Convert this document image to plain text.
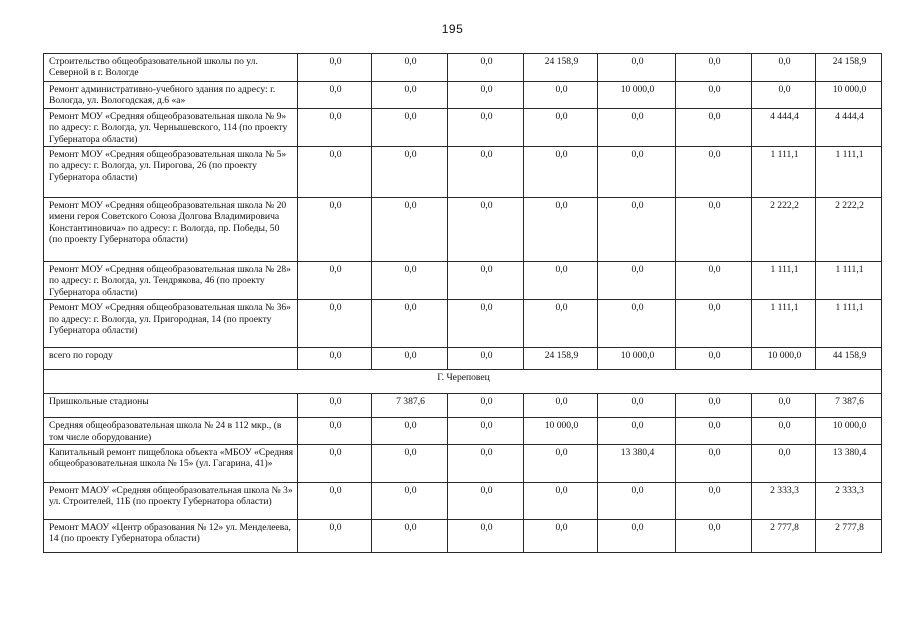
195
Строительство общеобразовательной школы по ул. Северной в г. Вологде	0,0	0,0	0,0	24 158,9	0,0	0,0	0,0	24 158,9
Ремонт административно-учебного здания по адресу: г. Вологда, ул. Вологодская, д.6 «а»	0,0	0,0	0,0	0,0	10 000,0	0,0	0,0	10 000,0
Ремонт МОУ «Средняя общеобразовательная школа № 9» по адресу: г. Вологда, ул. Чернышевского, 114 (по проекту Губернатора области)	0,0	0,0	0,0	0,0	0,0	0,0	4 444,4	4 444,4
Ремонт МОУ «Средняя общеобразовательная школа № 5» по адресу: г. Вологда, ул. Пирогова, 26 (по проекту Губернатора области)	0,0	0,0	0,0	0,0	0,0	0,0	1 111,1	1 111,1
Ремонт МОУ «Средняя общеобразовательная школа № 20 имени героя Советского Союза Долгова Владимировича Константиновича» по адресу: г. Вологда, пр. Победы, 50 (по проекту Губернатора области)	0,0	0,0	0,0	0,0	0,0	0,0	2 222,2	2 222,2
Ремонт МОУ «Средняя общеобразовательная школа № 28» по адресу: г. Вологда, ул. Тендрякова, 46 (по проекту Губернатора области)	0,0	0,0	0,0	0,0	0,0	0,0	1 111,1	1 111,1
Ремонт МОУ «Средняя общеобразовательная школа № 36» по адресу: г. Вологда, ул. Пригородная, 14 (по проекту Губернатора области)	0,0	0,0	0,0	0,0	0,0	0,0	1 111,1	1 111,1
всего по городу	0,0	0,0	0,0	24 158,9	10 000,0	0,0	10 000,0	44 158,9
Г. Череповец								
Пришкольные стадионы	0,0	7 387,6	0,0	0,0	0,0	0,0	0,0	7 387,6
Средняя общеобразовательная школа № 24 в 112 мкр., (в том числе оборудование)	0,0	0,0	0,0	10 000,0	0,0	0,0	0,0	10 000,0
Капитальный ремонт пищеблока объекта «МБОУ «Средняя общеобразовательная школа № 15» (ул. Гагарина, 41)»	0,0	0,0	0,0	0,0	13 380,4	0,0	0,0	13 380,4
Ремонт МАОУ «Средняя общеобразовательная школа № 3» ул. Строителей, 11Б (по проекту Губернатора области)	0,0	0,0	0,0	0,0	0,0	0,0	2 333,3	2 333,3
Ремонт МАОУ «Центр образования № 12» ул. Менделеева, 14 (по проекту Губернатора области)	0,0	0,0	0,0	0,0	0,0	0,0	2 777,8	2 777,8
